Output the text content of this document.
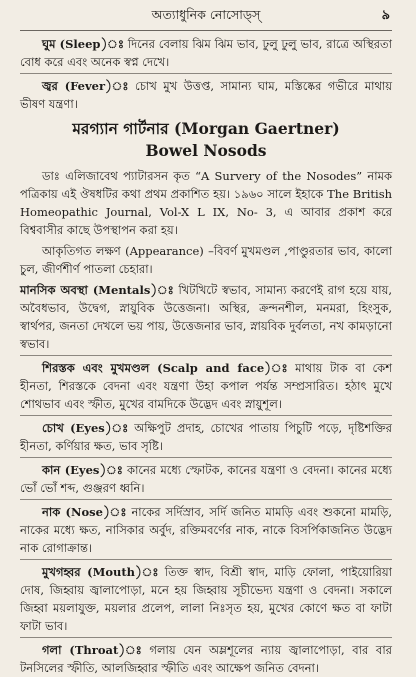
অত্যাধুনিক নোসোড্‌স্‌	৯

ঘুম (Sleep)ঃ দিনের বেলায় ঝিম ঝিম ভাব, ঢুলু ঢুলু ভাব, রাত্রে অস্থিরতা বোধ করে এবং অনেক স্বপ্ন দেখে।

জ্বর (Fever)ঃ চোখ মুখ উত্তপ্ত, সামান্য ঘাম, মস্তিষ্কের গভীরে মাথায় ভীষণ যন্ত্রণা।

মরগ্যান গার্টনার (Morgan Gaertner)
Bowel Nosods

ডাঃ এলিজাবেথ প্যাটারসন কৃত “A Survery of the Nosodes” নামক পত্রিকায় এই ঔষধটির কথা প্রথম প্রকাশিত হয়। ১৯৬০ সালে ইহাকে The British Homeopathic Journal, Vol-X L IX, No- 3, এ আবার প্রকাশ করে বিশ্ববাসীর কাছে উপস্থাপন করা হয়।

আকৃতিগত লক্ষণ (Appearance) –বিবর্ণ মুখমণ্ডল ,পাণ্ডুরতার ভাব, কালো চুল, জীর্ণশীর্ণ পাতলা চেহারা।

মানসিক অবস্থা (Mentals)ঃ খিটখিটে স্বভাব, সামান্য করণেই রাগ হয়ে যায়, অবৈধভাব, উদ্বেগ, স্নায়ুবিক উত্তেজনা। অস্থির, ক্রন্দনশীল, মনমরা, হিংসুক, স্বার্থপর, জনতা দেখলে ভয় পায়, উত্তেজনার ভাব, স্নায়বিক দুর্বলতা, নখ কামড়ানো স্বভাব।

শিরস্তক এবং মুখমণ্ডল (Scalp and face)ঃ মাথায় টাক বা কেশ হীনতা, শিরস্তকে বেদনা এবং যন্ত্রণা উহা কপাল পর্যন্ত সম্প্রসারিত। হঠাৎ মুখে শোথভাব এবং স্ফীত, মুখের বামদিকে উদ্ভেদ এবং স্নায়ুশূল।

চোখ (Eyes)ঃ অক্ষিপুট প্রদাহ, চোখের পাতায় পিচুটি পড়ে, দৃষ্টিশক্তির হীনতা, কর্ণিয়ার ক্ষত, ভাব সৃষ্টি।

কান (Eyes)ঃ কানের মধ্যে স্ফোটক, কানের যন্ত্রণা ও বেদনা। কানের মধ্যে ভোঁ ভোঁ শব্দ, গুঞ্জরণ ধ্বনি।

নাক (Nose)ঃ নাকের সর্দিস্রাব, সর্দি জনিত মামড়ি এবং শুকনো মামড়ি, নাকের মধ্যে ক্ষত, নাসিকার অর্বুদ, রক্তিমবর্ণের নাক, নাকে বিসর্পিকাজনিত উদ্ভেদ নাক রোগাক্রান্ত।

মুখগহ্বর (Mouth)ঃ তিক্ত স্বাদ, বিশ্রী স্বাদ, মাড়ি ফোলা, পাইয়োরিয়া দোষ, জিহ্বায় জ্বালাপোড়া, মনে হয় জিহ্বায় সূচীভেদ্য যন্ত্রণা ও বেদনা। সকালে জিহ্বা ময়লাযুক্ত, ময়লার প্রলেপ, লালা নিঃসৃত হয়, মুখের কোণে ক্ষত বা ফাটা ফাটা ভাব।

গলা (Throat)ঃ গলায় যেন অম্লশূলের ন্যায় জ্বালাপোড়া, বার বার টনসিলের স্ফীতি, আলজিহ্বার স্ফীতি এবং আক্ষেপ জনিত বেদনা।
